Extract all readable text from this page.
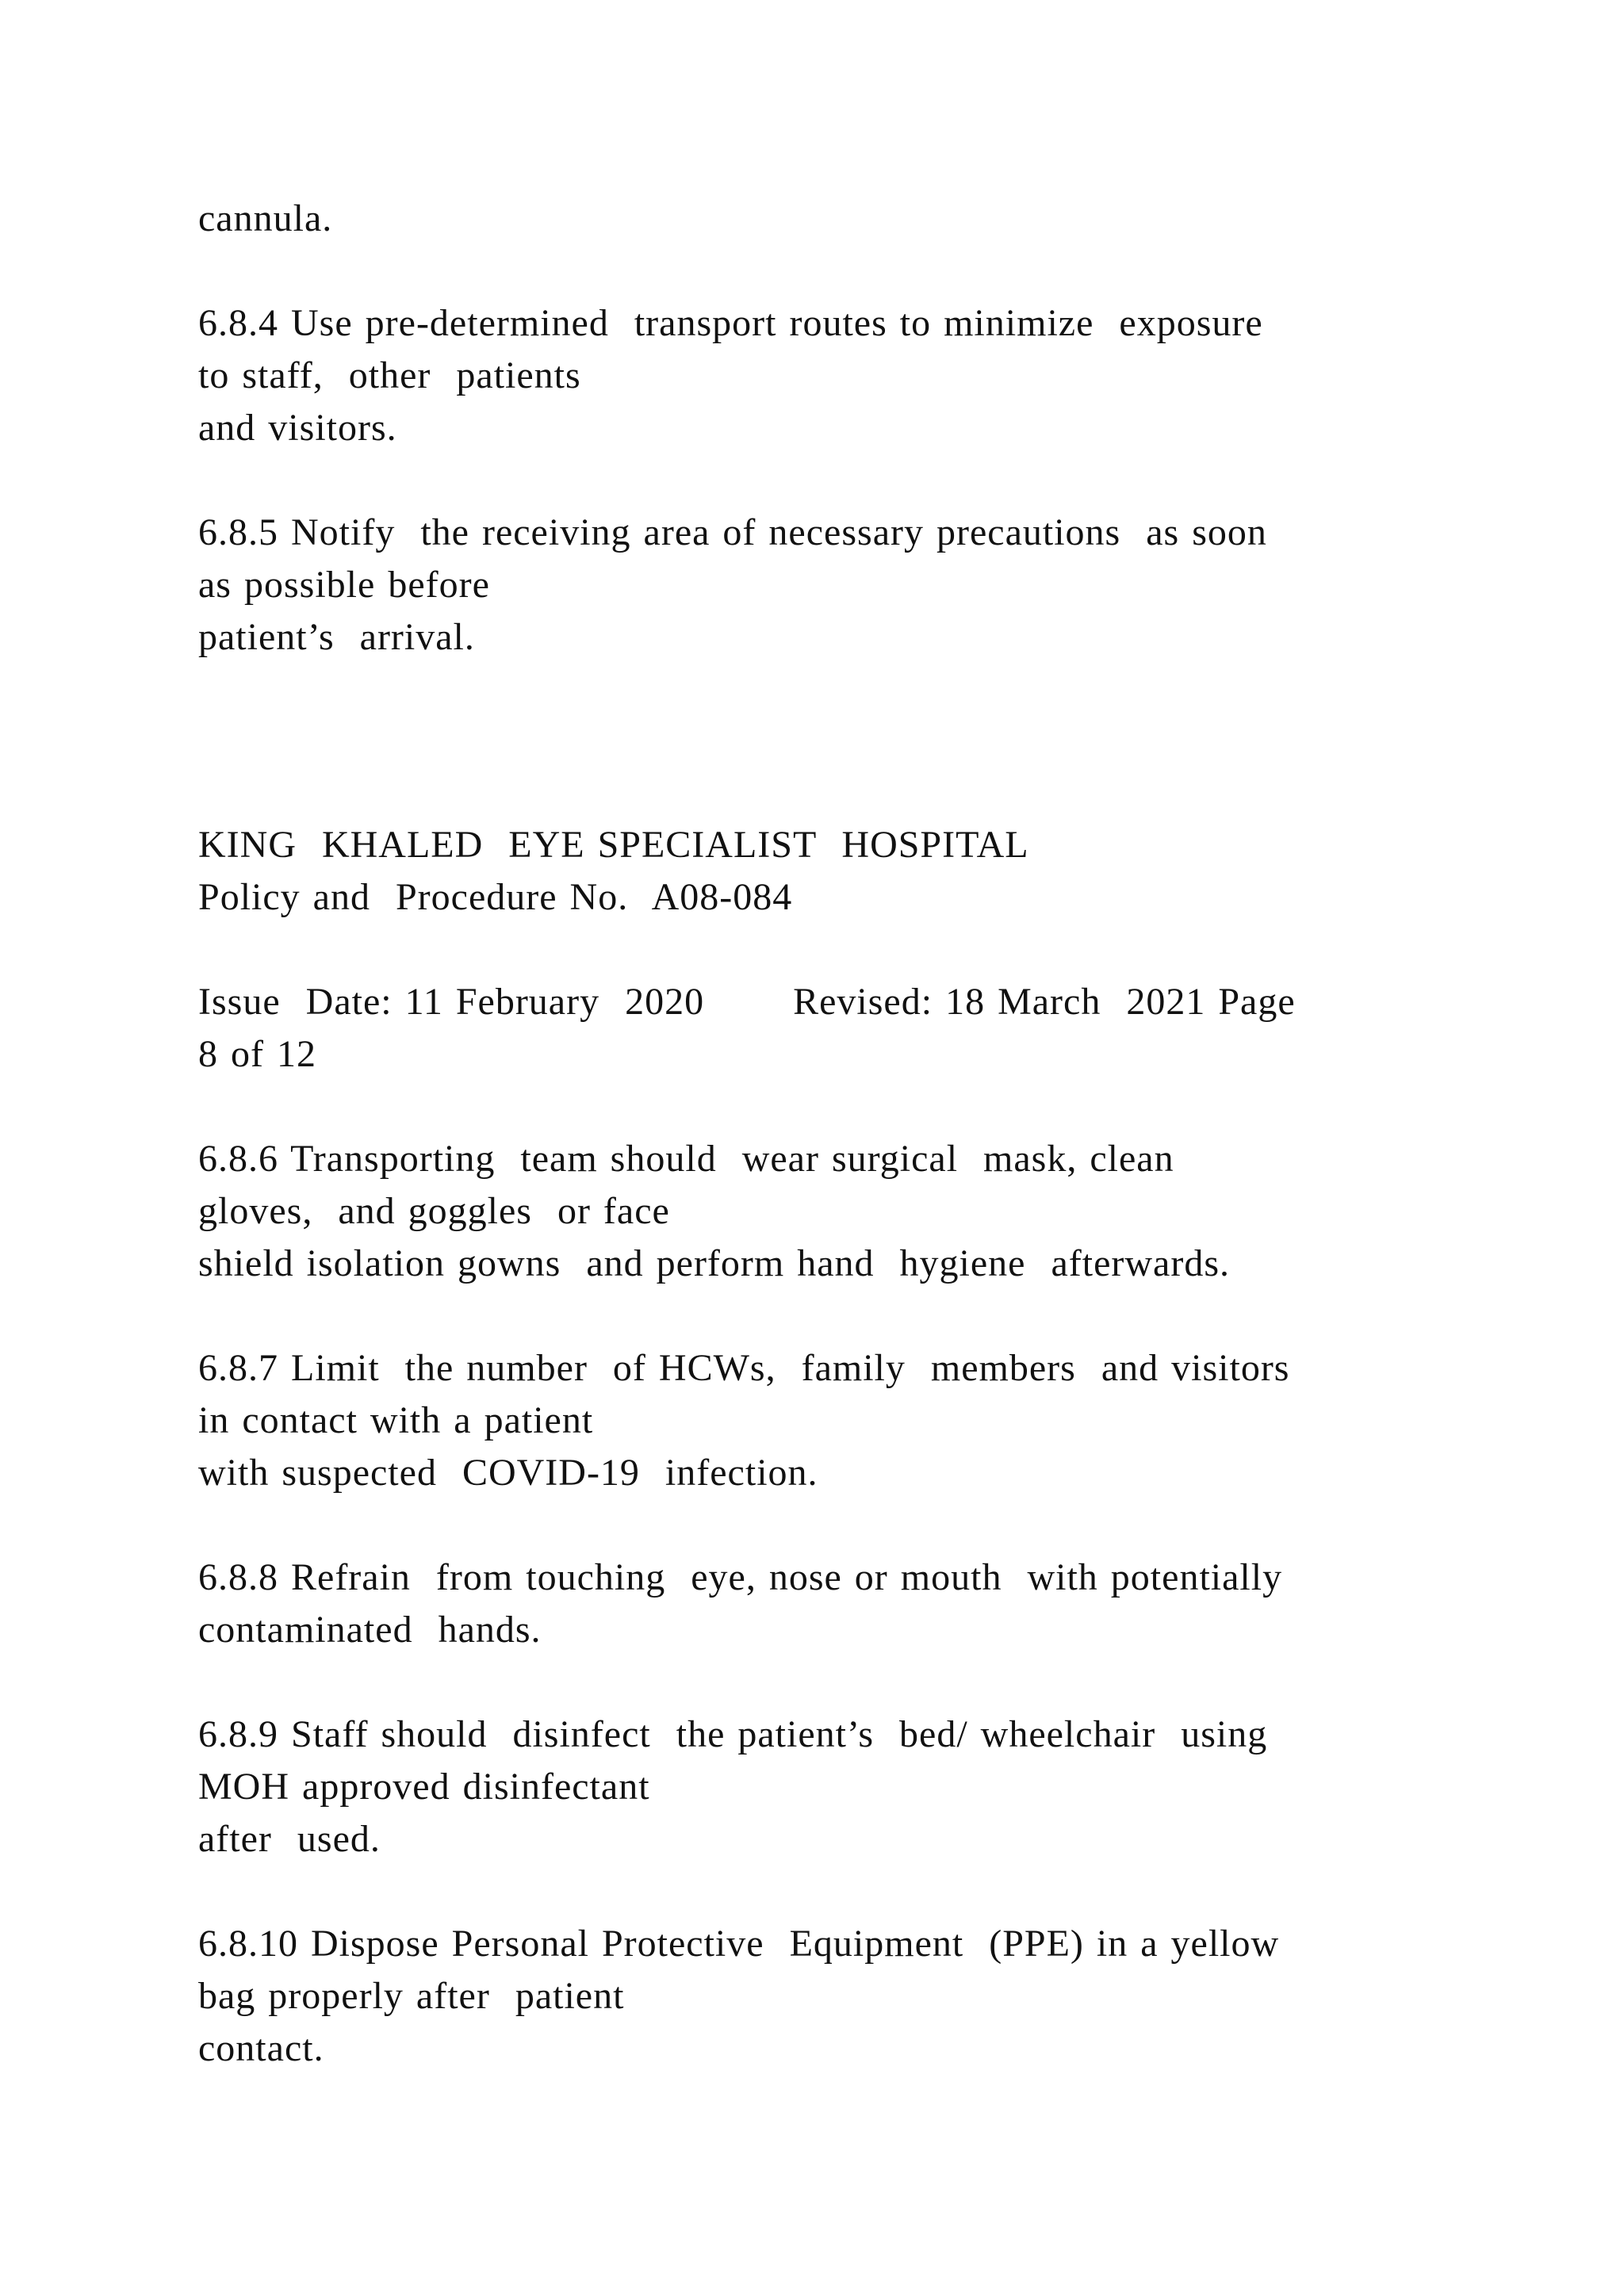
cannula.

6.8.4 Use pre-determined  transport routes to minimize  exposure

to staff,  other  patients

and visitors.

6.8.5 Notify  the receiving area of necessary precautions  as soon

as possible before

patient’s  arrival.

KING  KHALED  EYE SPECIALIST  HOSPITAL

Policy and  Procedure No.  A08-084

Issue  Date: 11 February  2020       Revised: 18 March  2021 Page

8 of 12

6.8.6 Transporting  team should  wear surgical  mask, clean

gloves,  and goggles  or face

shield isolation gowns  and perform hand  hygiene  afterwards.

6.8.7 Limit  the number  of HCWs,  family  members  and visitors

in contact with a patient

with suspected  COVID-19  infection.

6.8.8 Refrain  from touching  eye, nose or mouth  with potentially

contaminated  hands.

6.8.9 Staff should  disinfect  the patient’s  bed/ wheelchair  using

MOH approved disinfectant

after  used.

6.8.10 Dispose Personal Protective  Equipment  (PPE) in a yellow

bag properly after  patient

contact.
